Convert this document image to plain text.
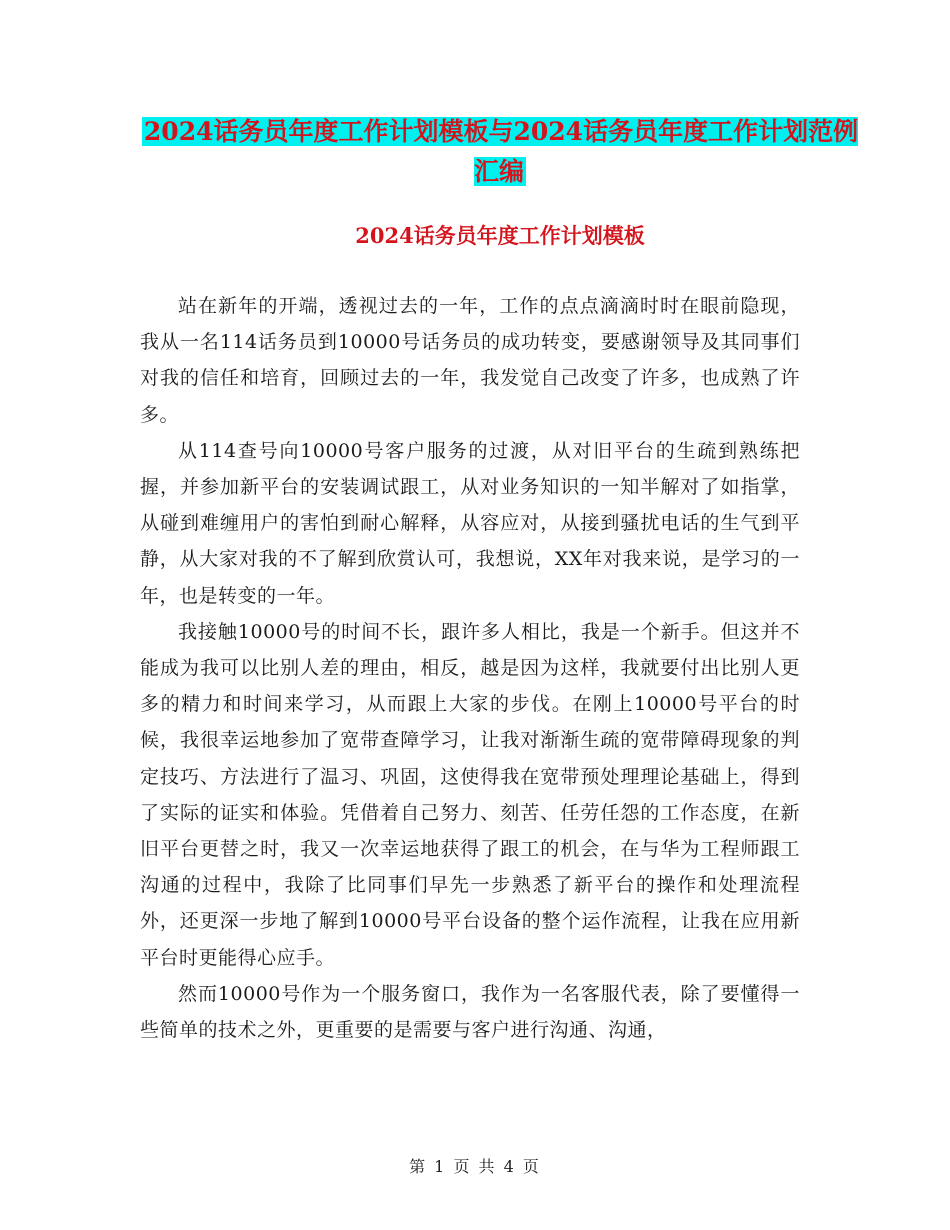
2024话务员年度工作计划模板与2024话务员年度工作计划范例汇编
2024话务员年度工作计划模板

站在新年的开端，透视过去的一年，工作的点点滴滴时时在眼前隐现，我从一名114话务员到10000号话务员的成功转变，要感谢领导及其同事们对我的信任和培育，回顾过去的一年，我发觉自己改变了许多，也成熟了许多。

从114查号向10000号客户服务的过渡，从对旧平台的生疏到熟练把握，并参加新平台的安装调试跟工，从对业务知识的一知半解对了如指掌，从碰到难缠用户的害怕到耐心解释，从容应对，从接到骚扰电话的生气到平静，从大家对我的不了解到欣赏认可，我想说，XX年对我来说，是学习的一年，也是转变的一年。

我接触10000号的时间不长，跟许多人相比，我是一个新手。但这并不能成为我可以比别人差的理由，相反，越是因为这样，我就要付出比别人更多的精力和时间来学习，从而跟上大家的步伐。在刚上10000号平台的时候，我很幸运地参加了宽带查障学习，让我对渐渐生疏的宽带障碍现象的判定技巧、方法进行了温习、巩固，这使得我在宽带预处理理论基础上，得到了实际的证实和体验。凭借着自己努力、刻苦、任劳任怨的工作态度，在新旧平台更替之时，我又一次幸运地获得了跟工的机会，在与华为工程师跟工沟通的过程中，我除了比同事们早先一步熟悉了新平台的操作和处理流程外，还更深一步地了解到10000号平台设备的整个运作流程，让我在应用新平台时更能得心应手。

然而10000号作为一个服务窗口，我作为一名客服代表，除了要懂得一些简单的技术之外，更重要的是需要与客户进行沟通、沟通，

第 1 页 共 4 页
